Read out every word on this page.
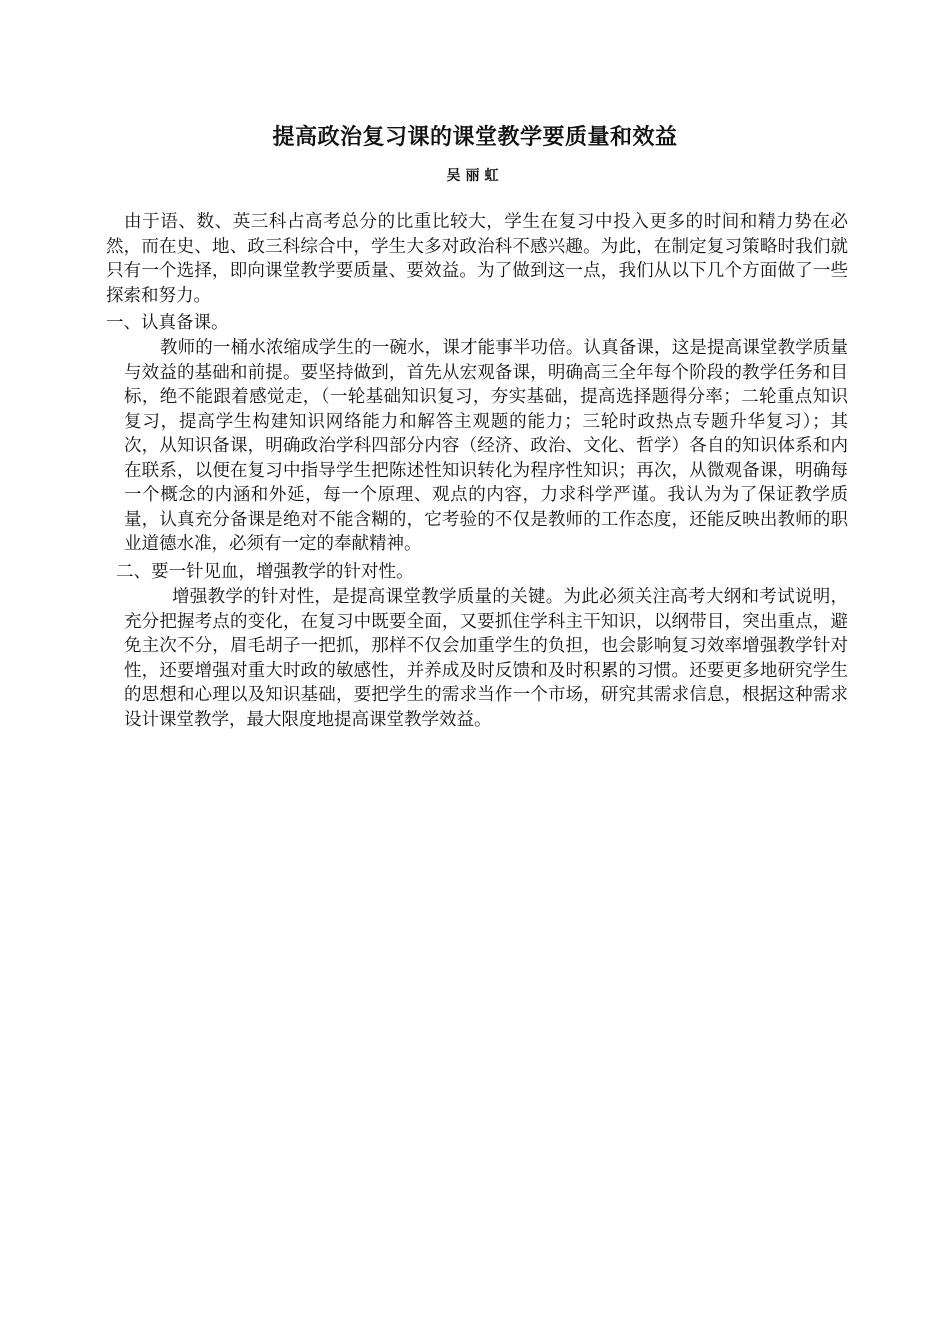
提高政治复习课的课堂教学要质量和效益
吴丽虹

由于语、数、英三科占高考总分的比重比较大，学生在复习中投入更多的时间和精力势在必然，而在史、地、政三科综合中，学生大多对政治科不感兴趣。为此，在制定复习策略时我们就只有一个选择，即向课堂教学要质量、要效益。为了做到这一点，我们从以下几个方面做了一些探索和努力。

一、认真备课。

教师的一桶水浓缩成学生的一碗水，课才能事半功倍。认真备课，这是提高课堂教学质量与效益的基础和前提。要坚持做到，首先从宏观备课，明确高三全年每个阶段的教学任务和目标，绝不能跟着感觉走，（一轮基础知识复习，夯实基础，提高选择题得分率；二轮重点知识复习，提高学生构建知识网络能力和解答主观题的能力；三轮时政热点专题升华复习）；其次，从知识备课，明确政治学科四部分内容（经济、政治、文化、哲学）各自的知识体系和内在联系，以便在复习中指导学生把陈述性知识转化为程序性知识；再次，从微观备课，明确每一个概念的内涵和外延，每一个原理、观点的内容，力求科学严谨。我认为为了保证教学质量，认真充分备课是绝对不能含糊的，它考验的不仅是教师的工作态度，还能反映出教师的职业道德水准，必须有一定的奉献精神。

二、要一针见血，增强教学的针对性。

增强教学的针对性，是提高课堂教学质量的关键。为此必须关注高考大纲和考试说明，充分把握考点的变化，在复习中既要全面，又要抓住学科主干知识，以纲带目，突出重点，避免主次不分，眉毛胡子一把抓，那样不仅会加重学生的负担，也会影响复习效率增强教学针对性，还要增强对重大时政的敏感性，并养成及时反馈和及时积累的习惯。还要更多地研究学生的思想和心理以及知识基础，要把学生的需求当作一个市场，研究其需求信息，根据这种需求设计课堂教学，最大限度地提高课堂教学效益。
